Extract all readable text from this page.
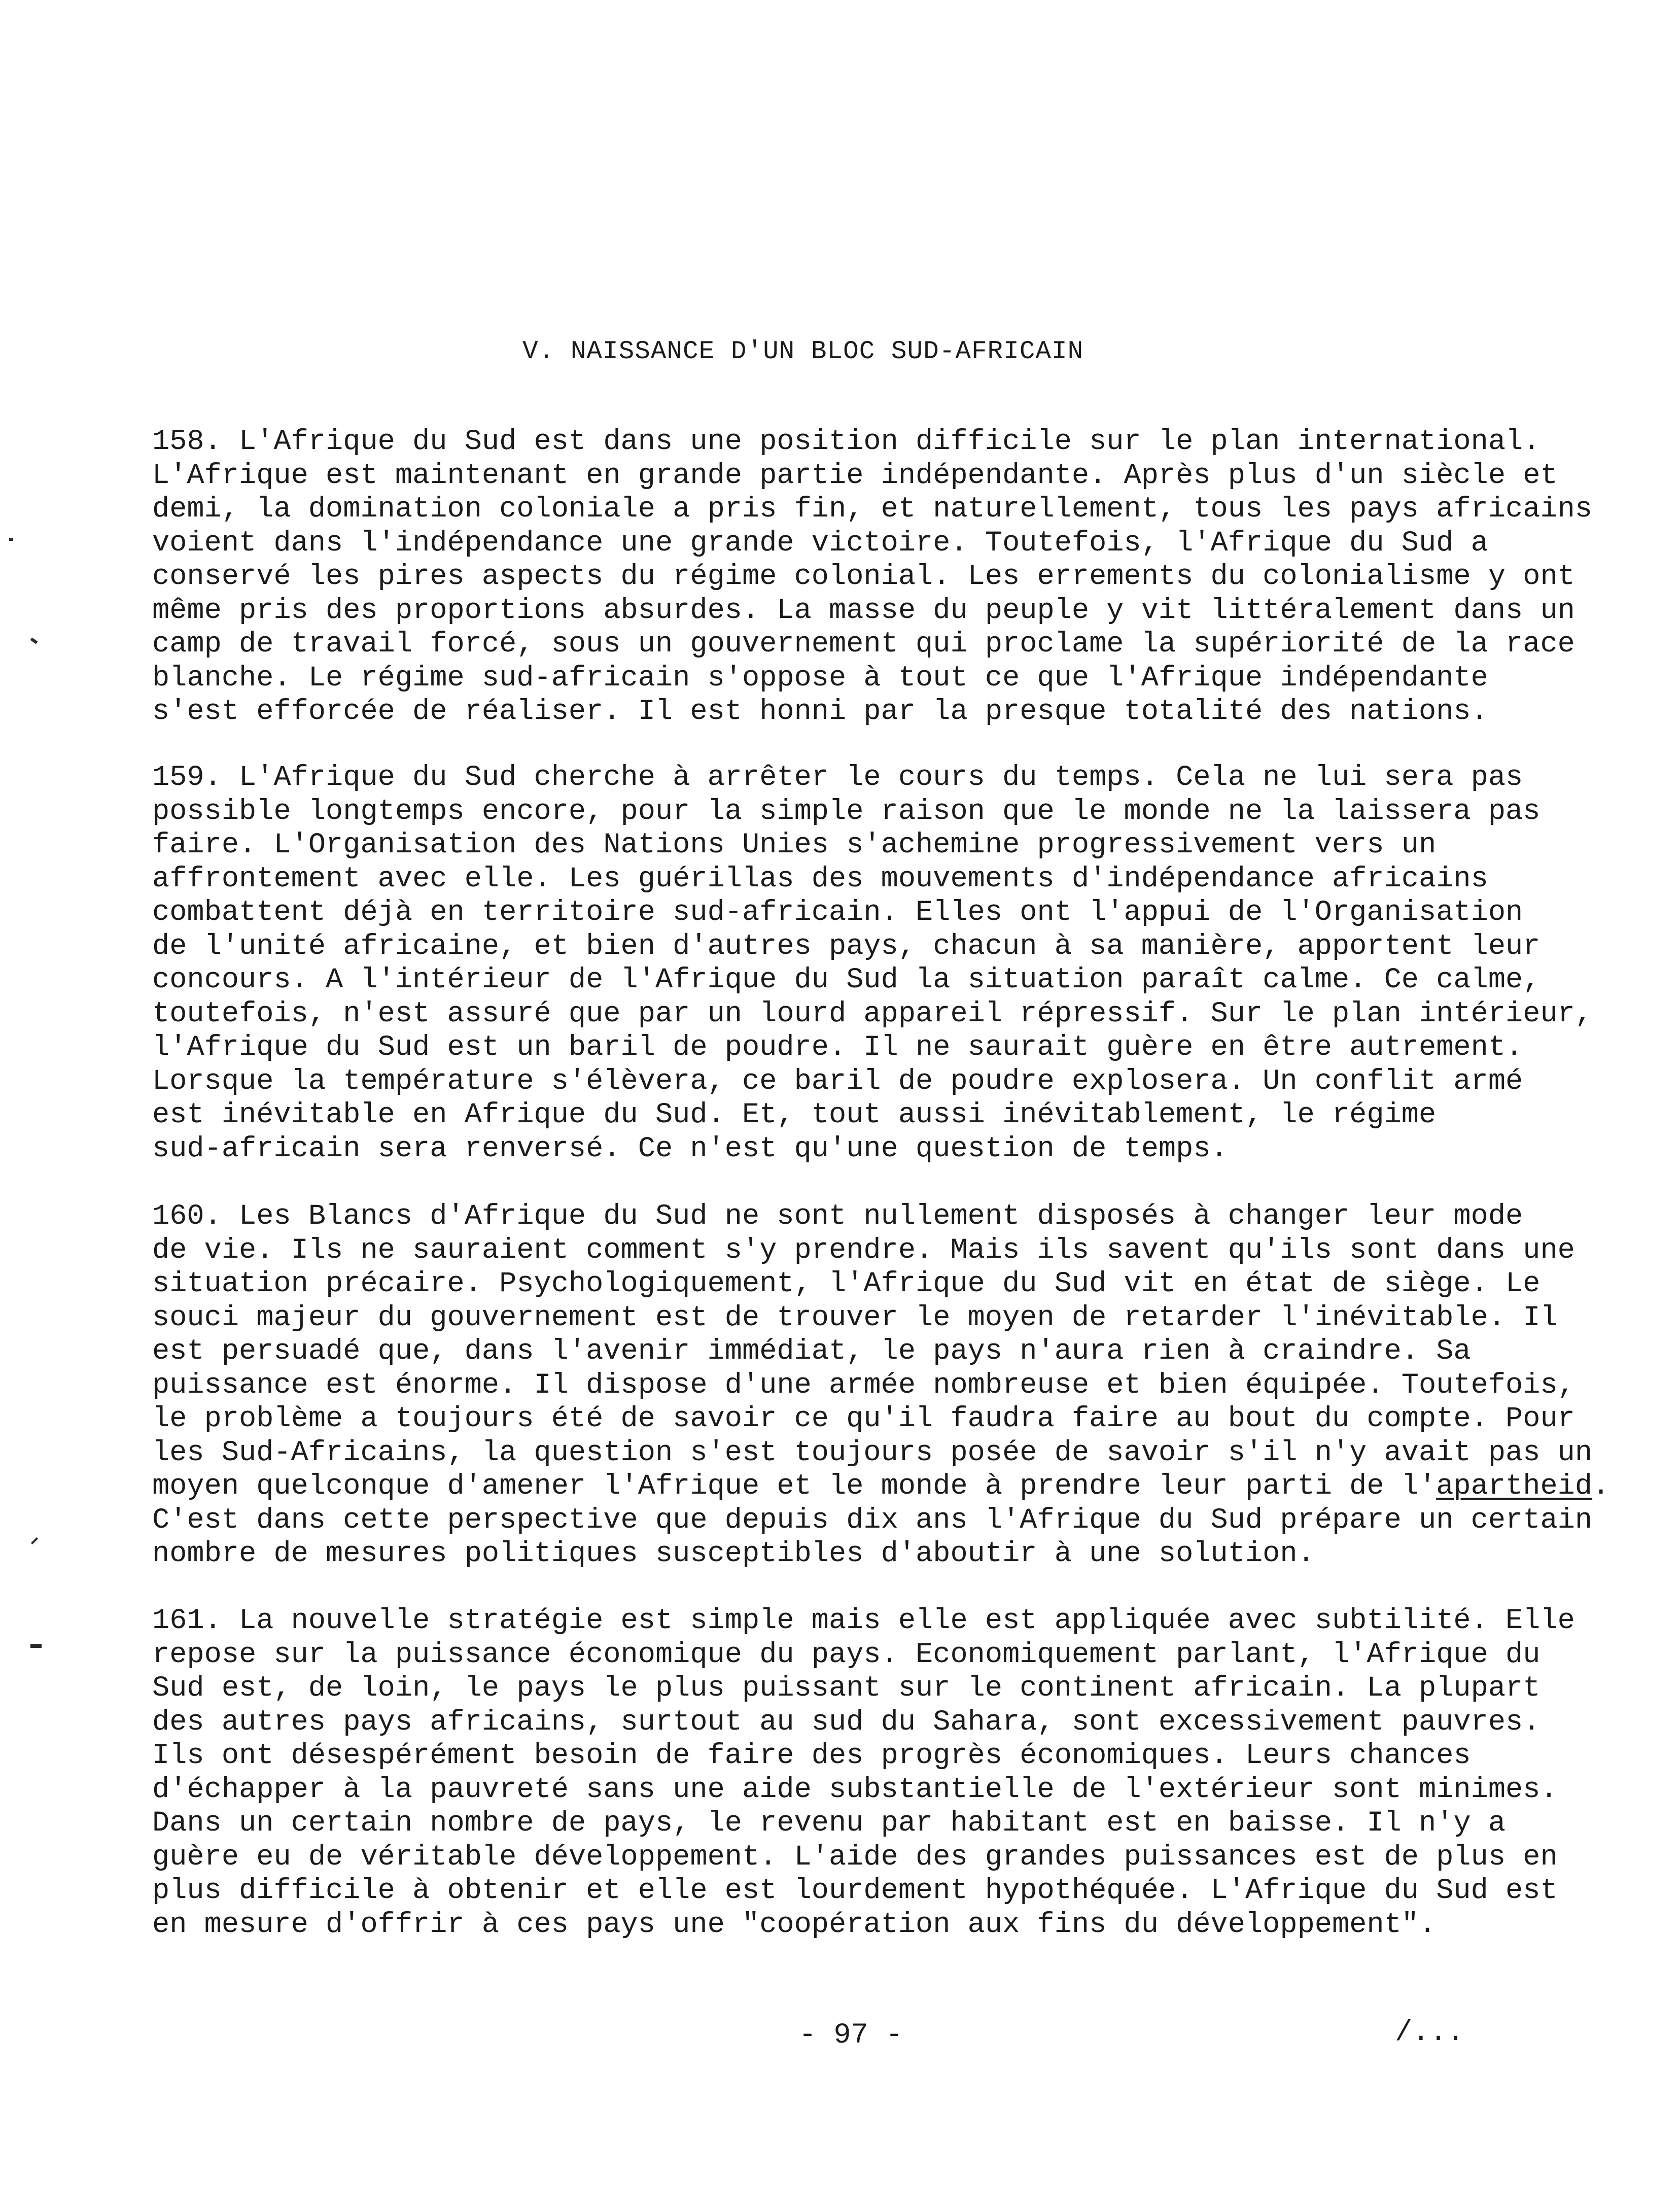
V. NAISSANCE D'UN BLOC SUD-AFRICAIN
158. L'Afrique du Sud est dans une position difficile sur le plan international.
L'Afrique est maintenant en grande partie indépendante. Après plus d'un siècle et
demi, la domination coloniale a pris fin, et naturellement, tous les pays africains
voient dans l'indépendance une grande victoire. Toutefois, l'Afrique du Sud a
conservé les pires aspects du régime colonial. Les errements du colonialisme y ont
même pris des proportions absurdes. La masse du peuple y vit littéralement dans un
camp de travail forcé, sous un gouvernement qui proclame la supériorité de la race
blanche. Le régime sud-africain s'oppose à tout ce que l'Afrique indépendante
s'est efforcée de réaliser. Il est honni par la presque totalité des nations.
159. L'Afrique du Sud cherche à arrêter le cours du temps. Cela ne lui sera pas
possible longtemps encore, pour la simple raison que le monde ne la laissera pas
faire. L'Organisation des Nations Unies s'achemine progressivement vers un
affrontement avec elle. Les guérillas des mouvements d'indépendance africains
combattent déjà en territoire sud-africain. Elles ont l'appui de l'Organisation
de l'unité africaine, et bien d'autres pays, chacun à sa manière, apportent leur
concours. A l'intérieur de l'Afrique du Sud la situation paraît calme. Ce calme,
toutefois, n'est assuré que par un lourd appareil répressif. Sur le plan intérieur,
l'Afrique du Sud est un baril de poudre. Il ne saurait guère en être autrement.
Lorsque la température s'élèvera, ce baril de poudre explosera. Un conflit armé
est inévitable en Afrique du Sud. Et, tout aussi inévitablement, le régime
sud-africain sera renversé. Ce n'est qu'une question de temps.
160. Les Blancs d'Afrique du Sud ne sont nullement disposés à changer leur mode
de vie. Ils ne sauraient comment s'y prendre. Mais ils savent qu'ils sont dans une
situation précaire. Psychologiquement, l'Afrique du Sud vit en état de siège. Le
souci majeur du gouvernement est de trouver le moyen de retarder l'inévitable. Il
est persuadé que, dans l'avenir immédiat, le pays n'aura rien à craindre. Sa
puissance est énorme. Il dispose d'une armée nombreuse et bien équipée. Toutefois,
le problème a toujours été de savoir ce qu'il faudra faire au bout du compte. Pour
les Sud-Africains, la question s'est toujours posée de savoir s'il n'y avait pas un
moyen quelconque d'amener l'Afrique et le monde à prendre leur parti de l'apartheid.
C'est dans cette perspective que depuis dix ans l'Afrique du Sud prépare un certain
nombre de mesures politiques susceptibles d'aboutir à une solution.
161. La nouvelle stratégie est simple mais elle est appliquée avec subtilité. Elle
repose sur la puissance économique du pays. Economiquement parlant, l'Afrique du
Sud est, de loin, le pays le plus puissant sur le continent africain. La plupart
des autres pays africains, surtout au sud du Sahara, sont excessivement pauvres.
Ils ont désespérément besoin de faire des progrès économiques. Leurs chances
d'échapper à la pauvreté sans une aide substantielle de l'extérieur sont minimes.
Dans un certain nombre de pays, le revenu par habitant est en baisse. Il n'y a
guère eu de véritable développement. L'aide des grandes puissances est de plus en
plus difficile à obtenir et elle est lourdement hypothéquée. L'Afrique du Sud est
en mesure d'offrir à ces pays une "coopération aux fins du développement".
- 97 -	/...
